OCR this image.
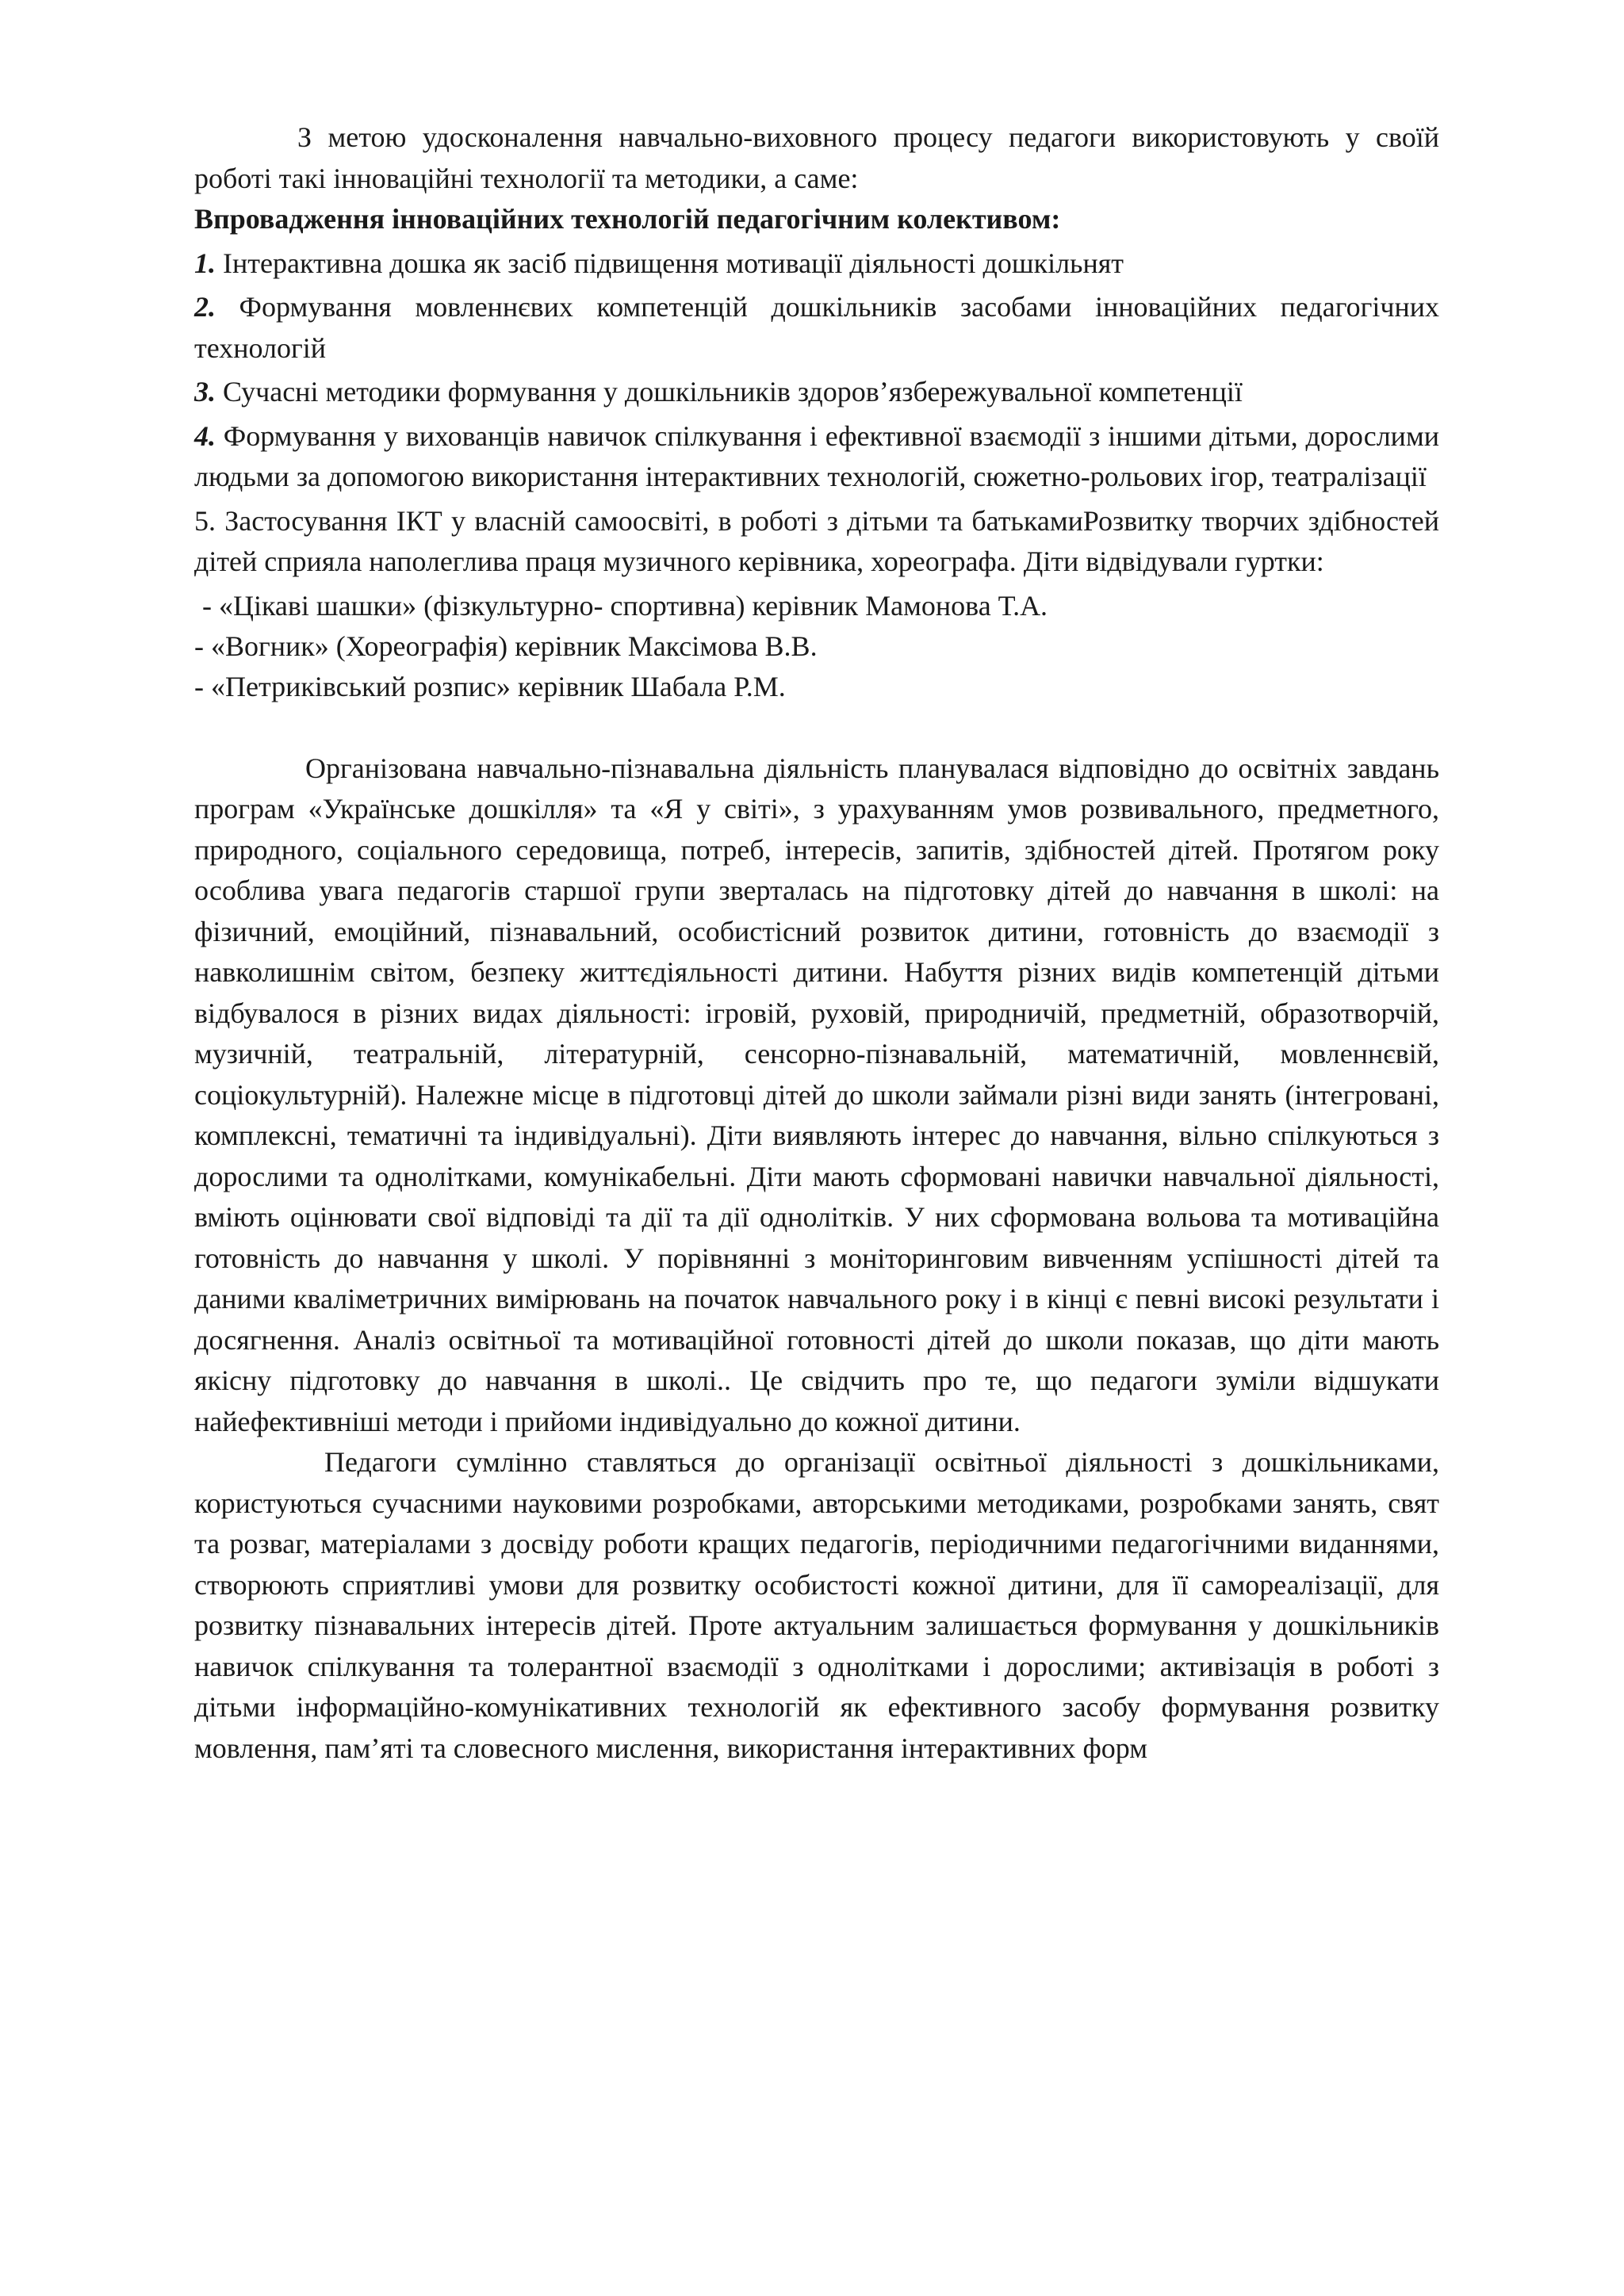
З метою удосконалення навчально-виховного процесу педагоги використовують у своїй роботі такі інноваційні технології та методики, а саме:

Впровадження інноваційних технологій педагогічним колективом:

1. Інтерактивна дошка як засіб підвищення мотивації діяльності дошкільнят

2. Формування мовленнєвих компетенцій дошкільників засобами інноваційних педагогічних технологій

3. Сучасні методики формування у дошкільників здоров’язбережувальної компетенції

4. Формування у вихованців навичок спілкування і ефективної взаємодії з іншими дітьми, дорослими людьми за допомогою використання інтерактивних технологій, сюжетно-рольових ігор, театралізації

5. Застосування ІКТ у власній самоосвіті, в роботі з дітьми та батькамиРозвитку творчих здібностей дітей сприяла наполеглива праця музичного керівника, хореографа. Діти відвідували гуртки:

- «Цікаві шашки» (фізкультурно- спортивна) керівник Мамонова Т.А.

- «Вогник» (Хореографія) керівник Максімова В.В.

- «Петриківський розпис» керівник Шабала Р.М.

Організована навчально-пізнавальна діяльність планувалася відповідно до освітніх завдань програм «Українське дошкілля» та «Я у світі», з урахуванням умов розвивального, предметного, природного, соціального середовища, потреб, інтересів, запитів, здібностей дітей. Протягом року особлива увага педагогів старшої групи зверталась на підготовку дітей до навчання в школі: на фізичний, емоційний, пізнавальний, особистісний розвиток дитини, готовність до взаємодії з навколишнім світом, безпеку життєдіяльності дитини. Набуття різних видів компетенцій дітьми відбувалося в різних видах діяльності: ігровій, руховій, природничій, предметній, образотворчій, музичній, театральній, літературній, сенсорно-пізнавальній, математичній, мовленнєвій, соціокультурній). Належне місце в підготовці дітей до школи займали різні види занять (інтегровані, комплексні, тематичні та індивідуальні). Діти виявляють інтерес до навчання, вільно спілкуються з дорослими та однолітками, комунікабельні. Діти мають сформовані навички навчальної діяльності, вміють оцінювати свої відповіді та дії та дії однолітків. У них сформована вольова та мотиваційна готовність до навчання у школі. У порівнянні з моніторинговим вивченням успішності дітей та даними кваліметричних вимірювань на початок навчального року і в кінці є певні високі результати і досягнення. Аналіз освітньої та мотиваційної готовності дітей до школи показав, що діти мають якісну підготовку до навчання в школі.. Це свідчить про те, що педагоги зуміли відшукати найефективніші методи і прийоми індивідуально до кожної дитини.

Педагоги сумлінно ставляться до організації освітньої діяльності з дошкільниками, користуються сучасними науковими розробками, авторськими методиками, розробками занять, свят та розваг, матеріалами з досвіду роботи кращих педагогів, періодичними педагогічними виданнями, створюють сприятливі умови для розвитку особистості кожної дитини, для її самореалізації, для розвитку пізнавальних інтересів дітей. Проте актуальним залишається формування у дошкільників навичок спілкування та толерантної взаємодії з однолітками і дорослими; активізація в роботі з дітьми інформаційно-комунікативних технологій як ефективного засобу формування розвитку мовлення, пам’яті та словесного мислення, використання інтерактивних форм
